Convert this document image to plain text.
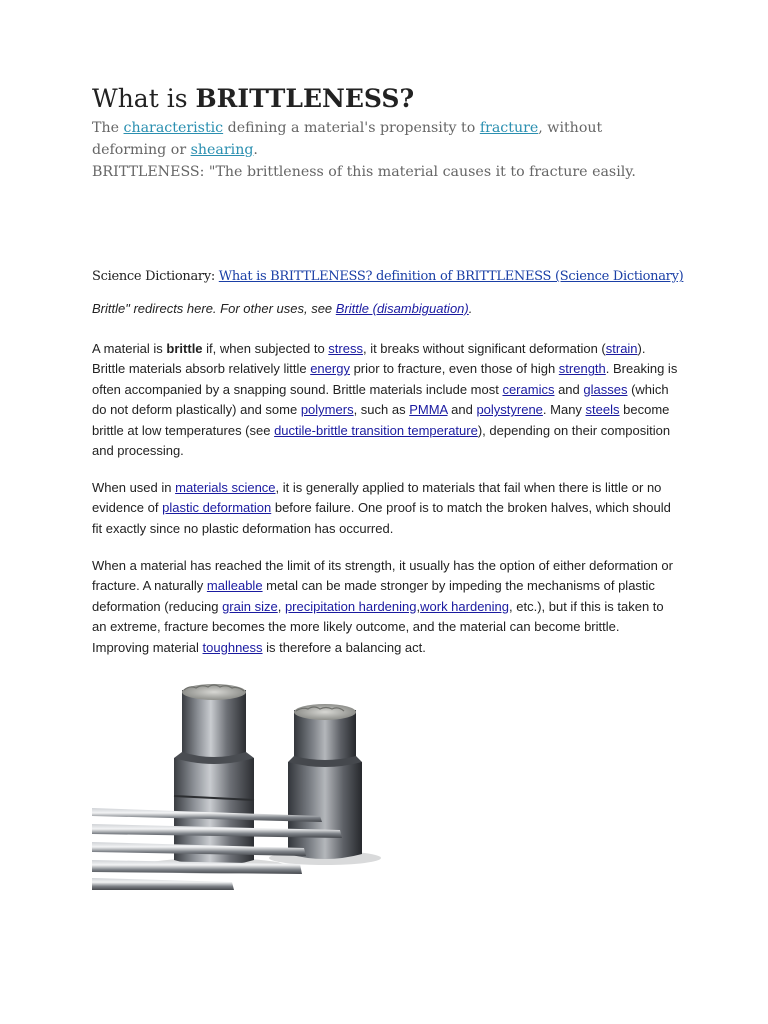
What is BRITTLENESS?

The characteristic defining a material's propensity to fracture, without deforming or shearing.

BRITTLENESS: "The brittleness of this material causes it to fracture easily.

Science Dictionary: What is BRITTLENESS? definition of BRITTLENESS (Science Dictionary)

Brittle" redirects here. For other uses, see Brittle (disambiguation).

A material is brittle if, when subjected to stress, it breaks without significant deformation (strain). Brittle materials absorb relatively little energy prior to fracture, even those of high strength. Breaking is often accompanied by a snapping sound. Brittle materials include most ceramics and glasses (which do not deform plastically) and some polymers, such as PMMA and polystyrene. Many steels become brittle at low temperatures (see ductile-brittle transition temperature), depending on their composition and processing.

When used in materials science, it is generally applied to materials that fail when there is little or no evidence of plastic deformation before failure. One proof is to match the broken halves, which should fit exactly since no plastic deformation has occurred.

When a material has reached the limit of its strength, it usually has the option of either deformation or fracture. A naturally malleable metal can be made stronger by impeding the mechanisms of plastic deformation (reducing grain size, precipitation hardening,work hardening, etc.), but if this is taken to an extreme, fracture becomes the more likely outcome, and the material can become brittle. Improving material toughness is therefore a balancing act.
